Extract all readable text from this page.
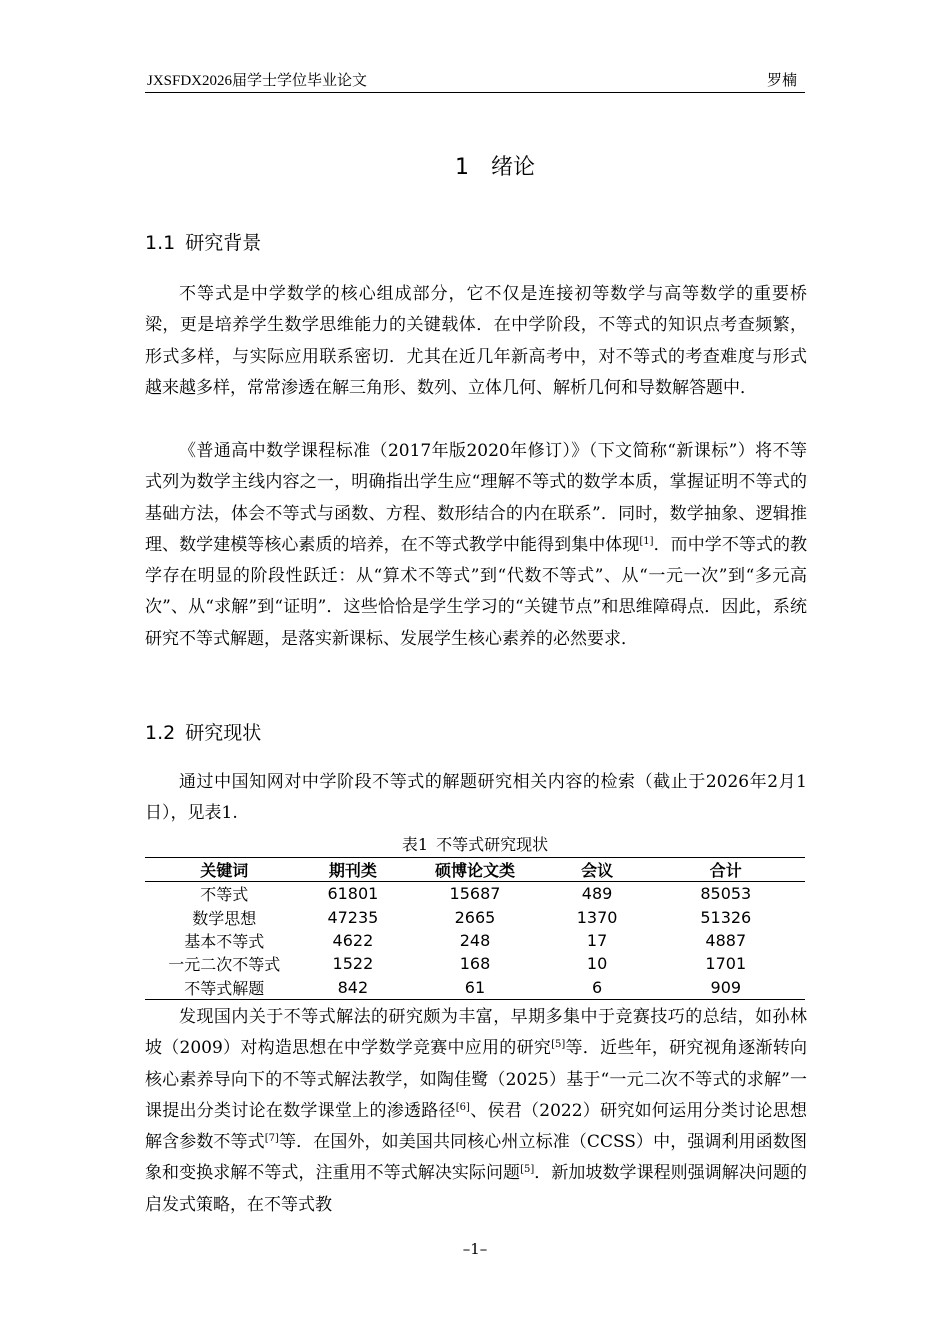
JXSFDX2026届学士学位毕业论文	罗楠
1 绪论
1.1 研究背景
不等式是中学数学的核心组成部分，它不仅是连接初等数学与高等数学的重要桥梁，更是培养学生数学思维能力的关键载体．在中学阶段，不等式的知识点考查频繁，形式多样，与实际应用联系密切．尤其在近几年新高考中，对不等式的考查难度与形式越来越多样，常常渗透在解三角形、数列、立体几何、解析几何和导数解答题中．
《普通高中数学课程标准（2017年版2020年修订）》（下文简称“新课标”）将不等式列为数学主线内容之一，明确指出学生应“理解不等式的数学本质，掌握证明不等式的基础方法，体会不等式与函数、方程、数形结合的内在联系”．同时，数学抽象、逻辑推理、数学建模等核心素质的培养，在不等式教学中能得到集中体现[1]．而中学不等式的教学存在明显的阶段性跃迁：从“算术不等式”到“代数不等式”、从“一元一次”到“多元高次”、从“求解”到“证明”．这些恰恰是学生学习的“关键节点”和思维障碍点．因此，系统研究不等式解题，是落实新课标、发展学生核心素养的必然要求．
1.2 研究现状
通过中国知网对中学阶段不等式的解题研究相关内容的检索（截止于2026年2月1日），见表1.
表1 不等式研究现状
关键词	期刊类	硕博论文类	会议	合计
不等式	61801	15687	489	85053
数学思想	47235	2665	1370	51326
基本不等式	4622	248	17	4887
一元二次不等式	1522	168	10	1701
不等式解题	842	61	6	909
发现国内关于不等式解法的研究颇为丰富，早期多集中于竞赛技巧的总结，如孙林坡（2009）对构造思想在中学数学竞赛中应用的研究[5]等．近些年，研究视角逐渐转向核心素养导向下的不等式解法教学，如陶佳鹭（2025）基于“一元二次不等式的求解”一课提出分类讨论在数学课堂上的渗透路径[6]、侯君（2022）研究如何运用分类讨论思想解含参数不等式[7]等．在国外，如美国共同核心州立标准（CCSS）中，强调利用函数图象和变换求解不等式，注重用不等式解决实际问题[5]．新加坡数学课程则强调解决问题的启发式策略，在不等式教
–1–
